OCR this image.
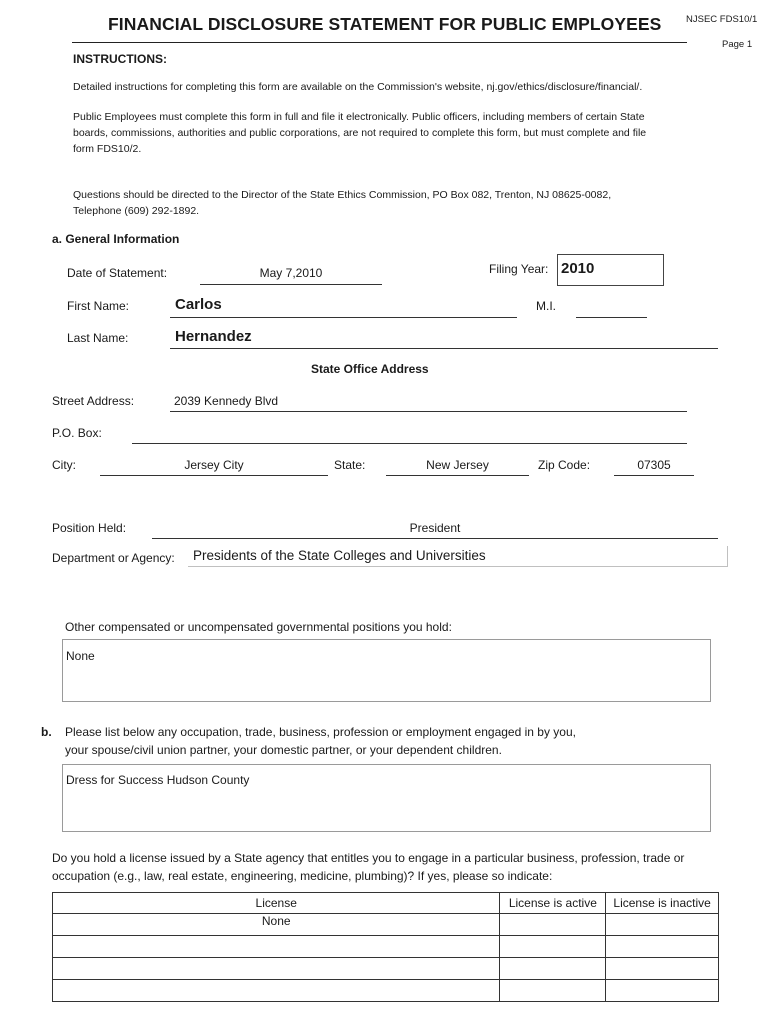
FINANCIAL DISCLOSURE STATEMENT FOR PUBLIC EMPLOYEES	NJSEC FDS10/1
Page 1
INSTRUCTIONS:
Detailed instructions for completing this form are available on the Commission's website, nj.gov/ethics/disclosure/financial/.
Public Employees must complete this form in full and file it electronically. Public officers, including members of certain State
boards, commissions, authorities and public corporations, are not required to complete this form, but must complete and file
form FDS10/2.
Questions should be directed to the Director of the State Ethics Commission, PO Box 082, Trenton, NJ 08625-0082,
Telephone (609) 292-1892.
a. General Information
Date of Statement:	May 7,2010	Filing Year: 2010
First Name:	Carlos	M.I.
Last Name:	Hernandez
State Office Address
Street Address:	2039 Kennedy Blvd
P.O. Box:
City:	Jersey City	State:	New Jersey	Zip Code:	07305
Position Held:	President
Department or Agency: Presidents of the State Colleges and Universities
Other compensated or uncompensated governmental positions you hold:
None
b. Please list below any occupation, trade, business, profession or employment engaged in by you,
your spouse/civil union partner, your domestic partner, or your dependent children.
Dress for Success Hudson County
Do you hold a license issued by a State agency that entitles you to engage in a particular business, profession, trade or
occupation (e.g., law, real estate, engineering, medicine, plumbing)? If yes, please so indicate:
License	License is active	License is inactive
None		
